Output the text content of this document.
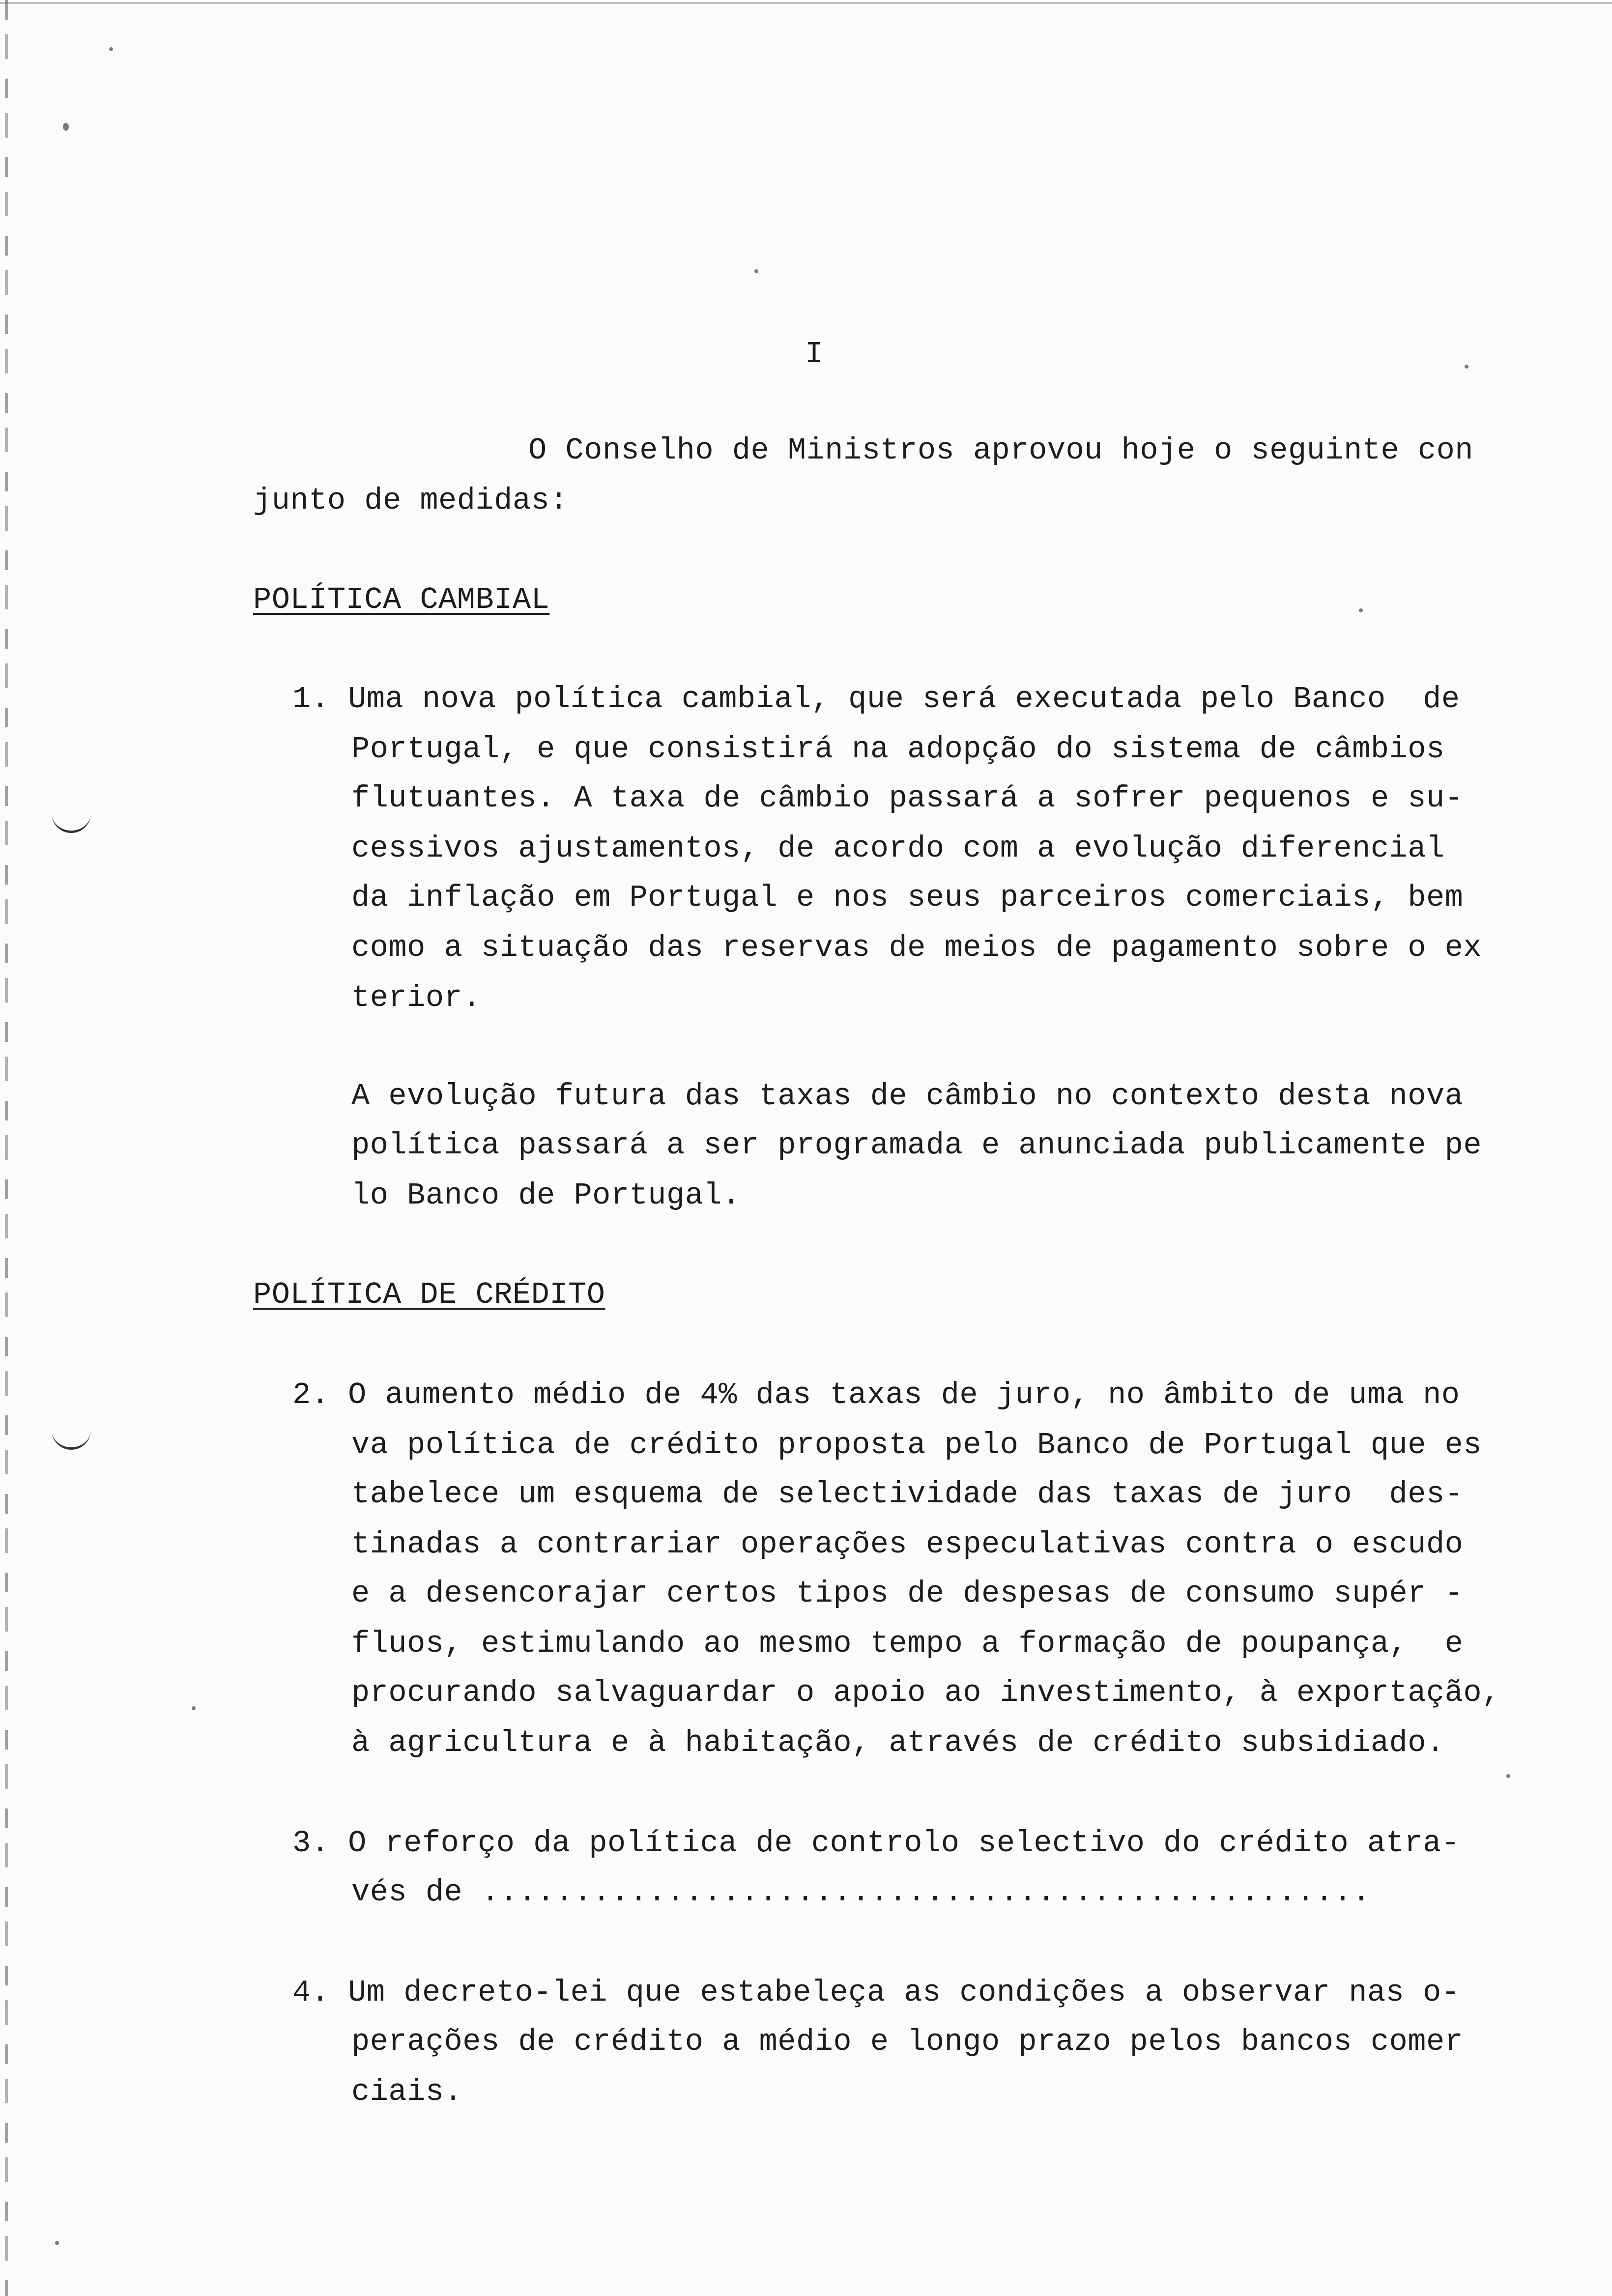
I
O Conselho de Ministros aprovou hoje o seguinte con
junto de medidas:
POLÍTICA CAMBIAL
1. Uma nova política cambial, que será executada pelo Banco  de
Portugal, e que consistirá na adopção do sistema de câmbios
flutuantes. A taxa de câmbio passará a sofrer pequenos e su-
cessivos ajustamentos, de acordo com a evolução diferencial
da inflação em Portugal e nos seus parceiros comerciais, bem
como a situação das reservas de meios de pagamento sobre o ex
terior.
A evolução futura das taxas de câmbio no contexto desta nova
política passará a ser programada e anunciada publicamente pe
lo Banco de Portugal.
POLÍTICA DE CRÉDITO
2. O aumento médio de 4% das taxas de juro, no âmbito de uma no
va política de crédito proposta pelo Banco de Portugal que es
tabelece um esquema de selectividade das taxas de juro  des-
tinadas a contrariar operações especulativas contra o escudo
e a desencorajar certos tipos de despesas de consumo supér -
fluos, estimulando ao mesmo tempo a formação de poupança,  e
procurando salvaguardar o apoio ao investimento, à exportação,
à agricultura e à habitação, através de crédito subsidiado.
3. O reforço da política de controlo selectivo do crédito atra-
vés de ................................................
4. Um decreto-lei que estabeleça as condições a observar nas o-
perações de crédito a médio e longo prazo pelos bancos comer
ciais.
